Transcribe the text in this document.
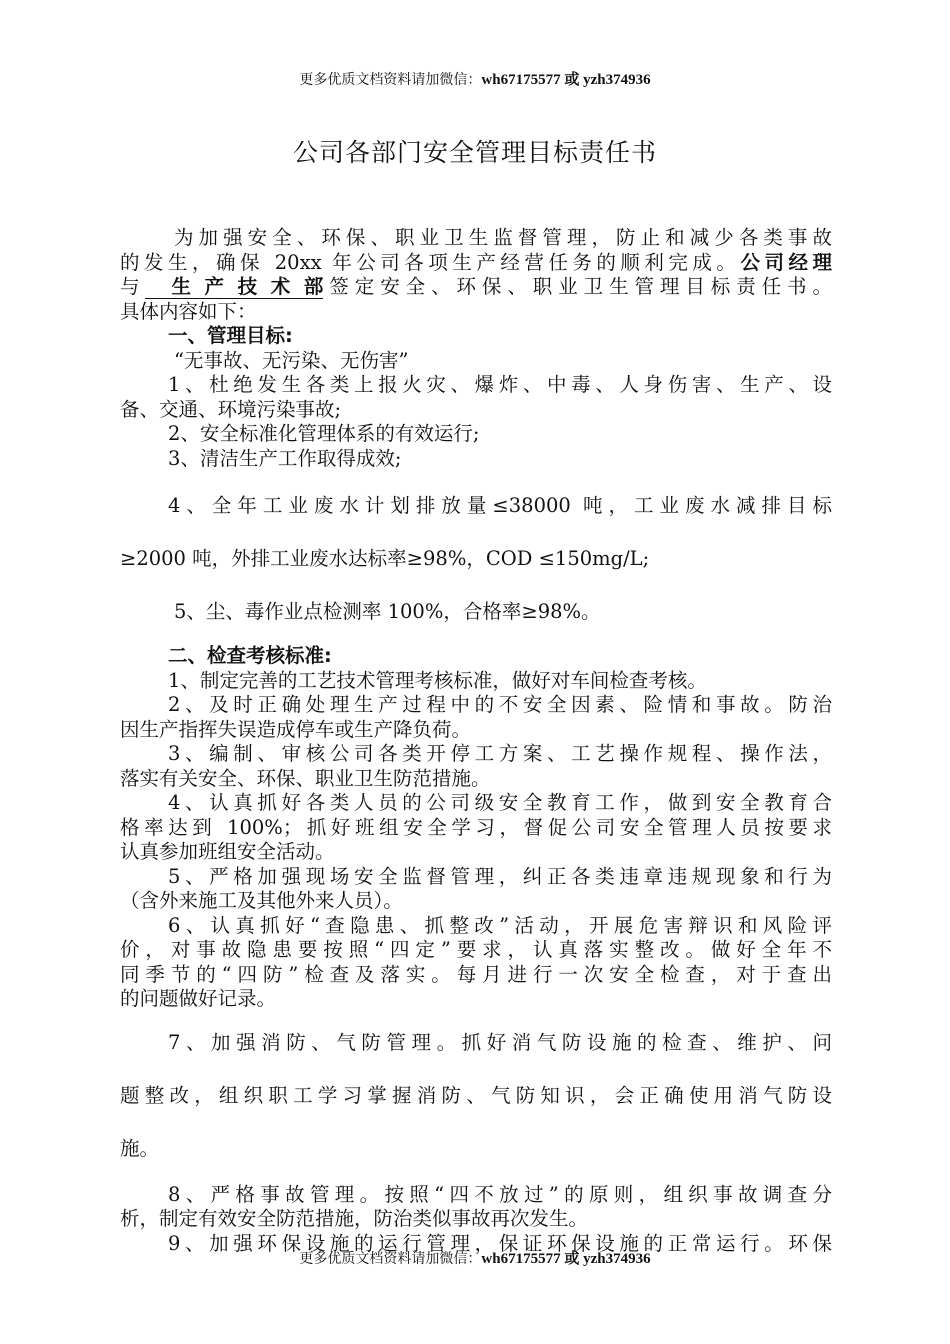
更多优质文档资料请加微信：wh67175577 或 yzh374936
公司各部门安全管理目标责任书

为加强安全、环保、职业卫生监督管理，防止和减少各类事故

的发生，确保 20xx 年公司各项生产经营任务的顺利完成。公司经理

与 生产技术部签定安全、环保、职业卫生管理目标责任书。

具体内容如下：

一、管理目标:

“无事故、无污染、无伤害”

1、杜绝发生各类上报火灾、爆炸、中毒、人身伤害、生产、设

备、交通、环境污染事故;

2、安全标准化管理体系的有效运行;

3、清洁生产工作取得成效;

4、全年工业废水计划排放量≤38000 吨，工业废水减排目标

≥2000 吨，外排工业废水达标率≥98%，COD ≤150mg/L;

5、尘、毒作业点检测率 100%，合格率≥98%。

二、检查考核标准:

1、制定完善的工艺技术管理考核标准，做好对车间检查考核。

2、及时正确处理生产过程中的不安全因素、险情和事故。防治

因生产指挥失误造成停车或生产降负荷。

3、编制、审核公司各类开停工方案、工艺操作规程、操作法，

落实有关安全、环保、职业卫生防范措施。

4、认真抓好各类人员的公司级安全教育工作，做到安全教育合

格率达到 100%；抓好班组安全学习，督促公司安全管理人员按要求

认真参加班组安全活动。

5、严格加强现场安全监督管理，纠正各类违章违规现象和行为

（含外来施工及其他外来人员）。

6、认真抓好“查隐患、抓整改”活动，开展危害辩识和风险评

价，对事故隐患要按照“四定”要求，认真落实整改。做好全年不

同季节的“四防”检查及落实。每月进行一次安全检查，对于查出

的问题做好记录。

7、加强消防、气防管理。抓好消气防设施的检查、维护、问

题整改，组织职工学习掌握消防、气防知识，会正确使用消气防设

施。

8、严格事故管理。按照“四不放过”的原则，组织事故调查分

析，制定有效安全防范措施，防治类似事故再次发生。

9、加强环保设施的运行管理，保证环保设施的正常运行。环保

更多优质文档资料请加微信：wh67175577 或 yzh374936
